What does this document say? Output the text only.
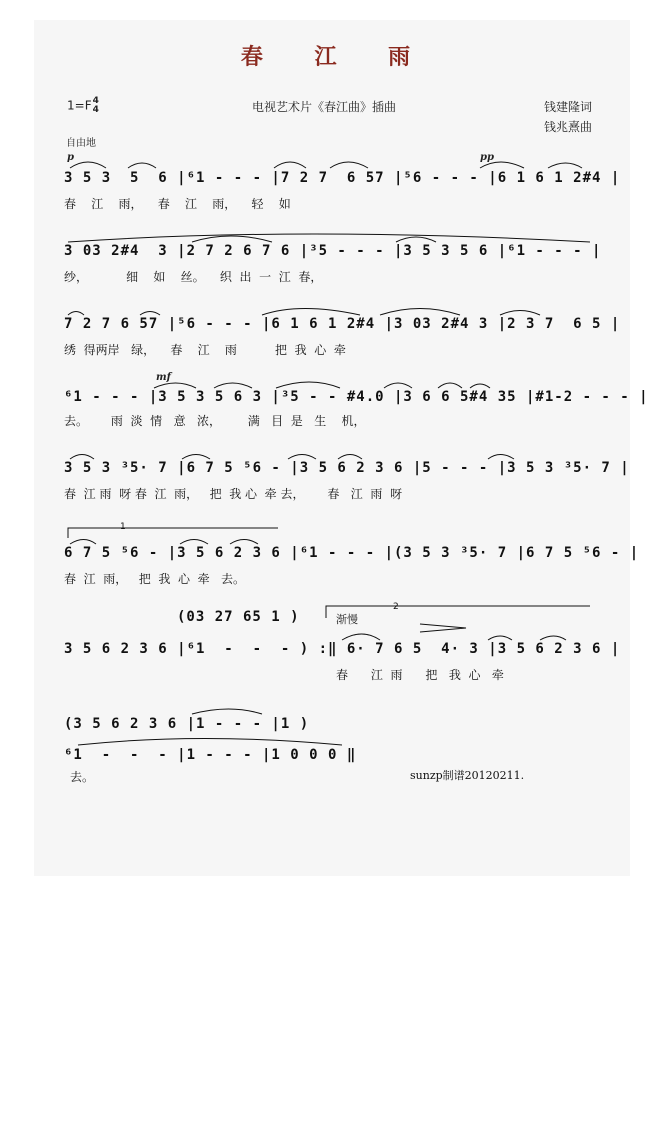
春 江 雨
1=F 4
4	电视艺术片《春江曲》插曲	钱建隆词
钱兆熹曲
自由地
p	pp
mf
3 5 3  5  6 |⁶1 - - - |7 2 7  6 57 |⁵6 - - - |6 1 6 1 2#4 |
春    江    雨，    春    江    雨，    轻    如
3 03 2#4  3 |2 7 2 6 7 6 |³5 - - - |3 5 3 5 6 |⁶1 - - - |
纱，          细    如    丝。    织  出  一  江  春，
7 2 7 6 57 |⁵6 - - - |6 1 6 1 2#4 |3 03 2#4 3 |2 3 7  6 5 |
绣  得两岸   绿，    春    江    雨          把  我  心  牵
⁶1 - - - |3 5 3 5 6 3 |³5 - - #4.0 |3 6 6 5#4 35 |#1-2 - - - |
去。      雨  淡  情   意   浓，       满   目  是   生    机，
3 5 3 ³5· 7 |6 7 5 ⁵6 - |3 5 6 2 3 6 |5 - - - |3 5 3 ³5· 7 |
春  江 雨  呀 春  江  雨，   把  我 心  牵 去，      春   江  雨  呀
1
6 7 5 ⁵6 - |3 5 6 2 3 6 |⁶1 - - - |(3 5 3 ³5· 7 |6 7 5 ⁵6 - |
春  江  雨，   把  我  心  牵   去。
(03 27 65 1 )	渐慢
2
3 5 6 2 3 6 |⁶1  -  -  - ) :‖ 6· 7 6 5  4· 3 |3 5 6 2 3 6 |
春      江  雨      把   我  心   牵
(3 5 6 2 3 6 |1 - - - |1 )
⁶1  -  -  - |1 - - - |1 0 0 0 ‖
去。	sunzp制谱20120211.
